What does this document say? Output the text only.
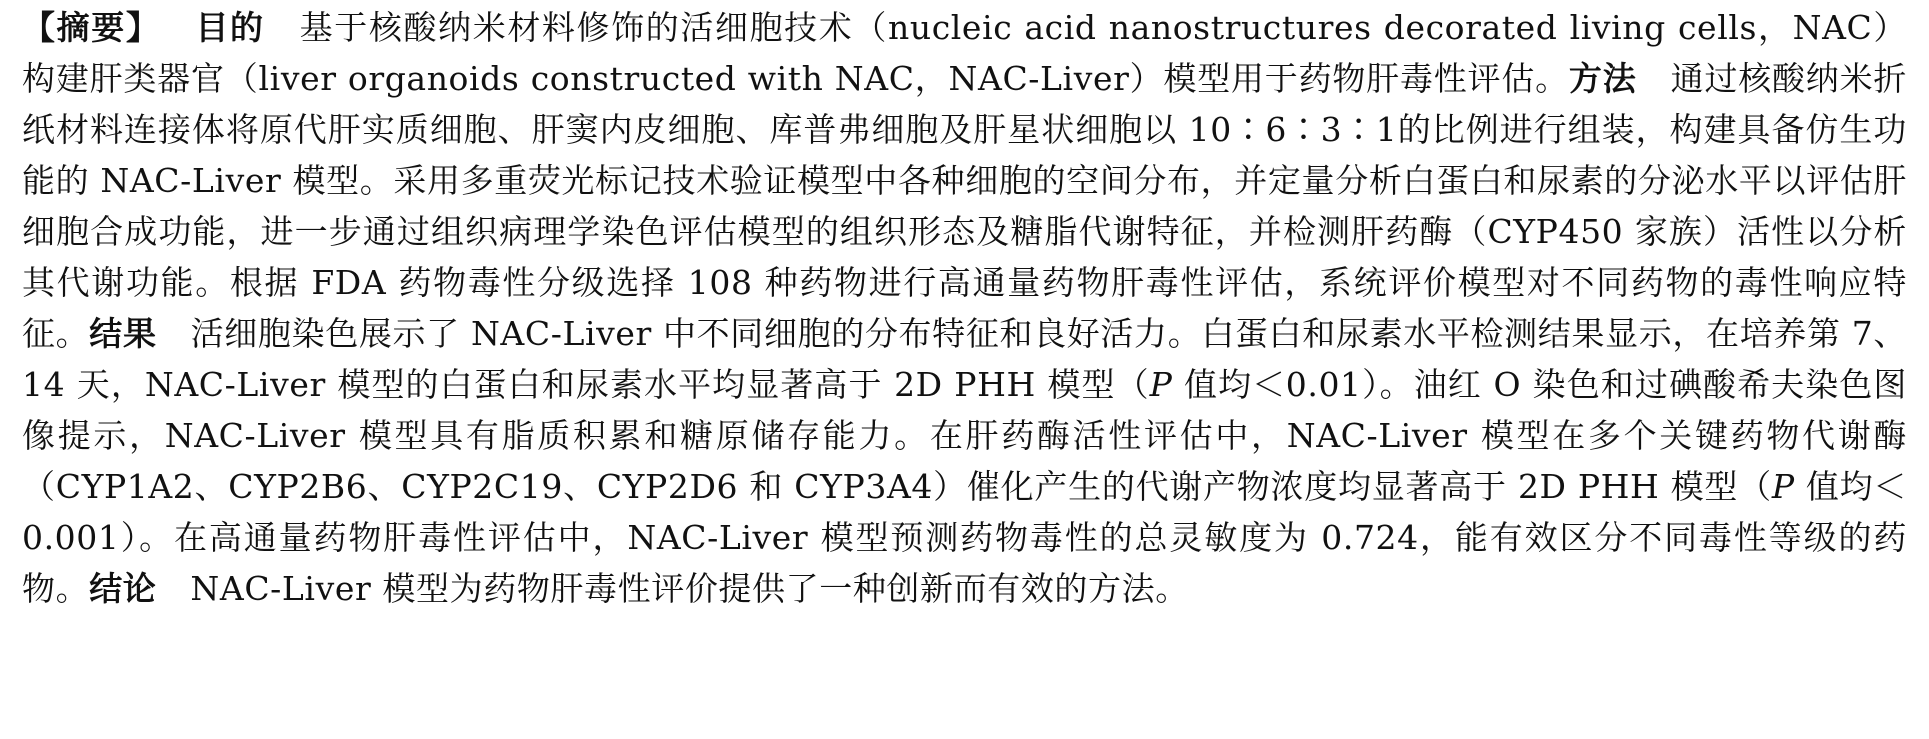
【摘要】 目的 基于核酸纳米材料修饰的活细胞技术（nucleic acid nanostructures decorated living cells，NAC）构建肝类器官（liver organoids constructed with NAC，NAC-Liver）模型用于药物肝毒性评估。方法 通过核酸纳米折纸材料连接体将原代肝实质细胞、肝窦内皮细胞、库普弗细胞及肝星状细胞以 10∶6∶3∶1的比例进行组装，构建具备仿生功能的 NAC-Liver 模型。采用多重荧光标记技术验证模型中各种细胞的空间分布，并定量分析白蛋白和尿素的分泌水平以评估肝细胞合成功能，进一步通过组织病理学染色评估模型的组织形态及糖脂代谢特征，并检测肝药酶（CYP450 家族）活性以分析其代谢功能。根据 FDA 药物毒性分级选择 108 种药物进行高通量药物肝毒性评估，系统评价模型对不同药物的毒性响应特征。结果 活细胞染色展示了 NAC-Liver 中不同细胞的分布特征和良好活力。白蛋白和尿素水平检测结果显示，在培养第 7、14 天，NAC-Liver 模型的白蛋白和尿素水平均显著高于 2D PHH 模型（P 值均＜0.01）。油红 O 染色和过碘酸希夫染色图像提示，NAC-Liver 模型具有脂质积累和糖原储存能力。在肝药酶活性评估中，NAC-Liver 模型在多个关键药物代谢酶（CYP1A2、CYP2B6、CYP2C19、CYP2D6 和 CYP3A4）催化产生的代谢产物浓度均显著高于 2D PHH 模型（P 值均＜0.001）。在高通量药物肝毒性评估中，NAC-Liver 模型预测药物毒性的总灵敏度为 0.724，能有效区分不同毒性等级的药物。结论 NAC-Liver 模型为药物肝毒性评价提供了一种创新而有效的方法。
